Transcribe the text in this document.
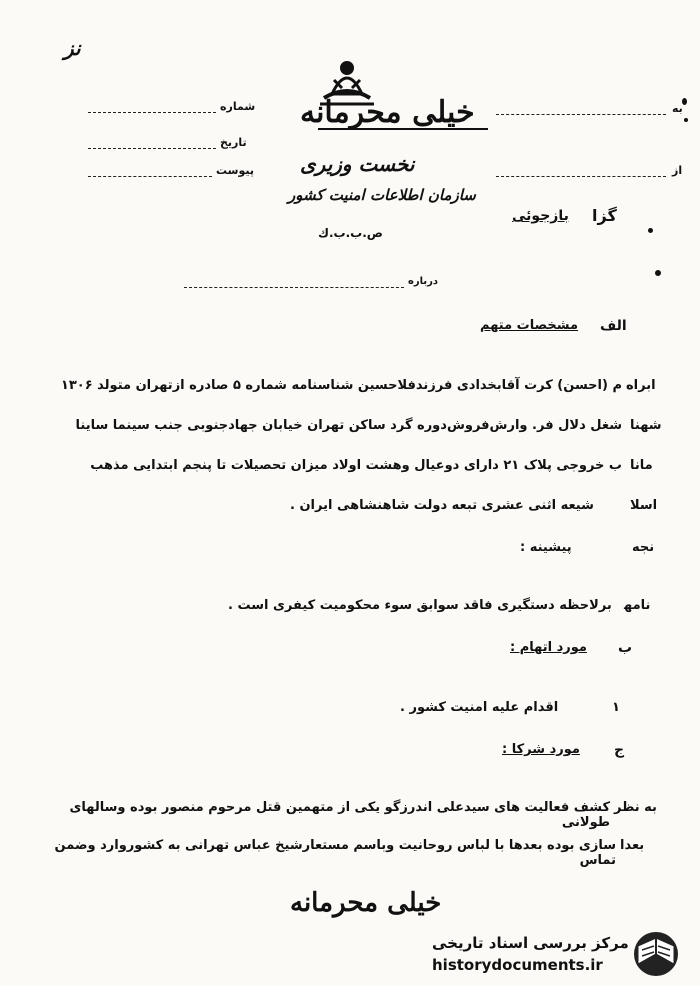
ﻧﺰ
ﺧﯿﻠﯽ ﻣﺤﺮﻣﺎﻧﻪ
ﻧﺨﺴﺖ وزﯾﺮی
ﺳﺎزﻣﺎن اﻃﻼﻋﺎت اﻣﻨﯿﺖ ﮐﺸﻮر
ص.ب.ب.ك
ﺷﻤﺎره
ﺗﺎرﯾﺦ
ﭘﯿﻮﺳﺖ
ﺑﻪ
از
ﮔﺰا
ﺑﺎزﺟﻮﺋﯽ
درﺑﺎره
اﻟﻒ
ﻣﺸﺨﺼﺎت ﻣﺘﻬﻢ
اﺑﺮاه
م (اﺣﺴﻦ) ﮐﺮت آﻗﺎﺑﺨﺪادی ﻓﺮزﻧﺪﻓﻼﺣﺴﯿﻦ ﺷﻨﺎﺳﻨﺎﻣﻪ ﺷﻤﺎره ۵ ﺻﺎدره ازﺗﻬﺮان ﻣﺘﻮﻟﺪ ۱۳۰۶
ﺷﻬﻨﺎ
ﺷﻐﻞ دﻻل ﻓﺮ. وارش‌ﻓﺮوش‌دوره ﮔﺮد ﺳﺎﮐﻦ ﺗﻬﺮان ﺧﯿﺎﺑﺎن ﺟﻬﺎدﺟﻨﻮﺑﯽ ﺟﻨﺐ ﺳﯿﻨﻤﺎ ﺳﺎﯾﻨﺎ
ﻣﺎﻧﺎ
ب ﺧﺮوﺟﯽ ﭘﻼک ۲۱ دارای دوﻋﯿﺎل وﻫﺸﺖ اوﻻد ﻣﯿﺰان ﺗﺤﺼﯿﻼت ﺗﺎ ﭘﻨﺠﻢ اﺑﺘﺪاﯾﯽ ﻣﺬﻫﺐ
اﺳﻼ
ﺷﯿﻌﻪ اﺛﻨﯽ ﻋﺸﺮی ﺗﺒﻌﻪ دوﻟﺖ ﺷﺎﻫﻨﺸﺎﻫﯽ اﯾﺮان .
ﻧﺠﻪ
ﭘﯿﺸﯿﻨﻪ :
ﻧﺎﻣﻬ
ﺑﺮﻻﺣﻈﻪ دﺳﺘﮕﯿﺮی ﻓﺎﻗﺪ ﺳﻮاﺑﻖ ﺳﻮء ﻣﺤﮑﻮﻣﯿﺖ ﮐﯿﻔﺮی اﺳﺖ .
ب
ﻣﻮرد اﺗﻬﺎم :
۱
اﻗﺪام ﻋﻠﯿﻪ اﻣﻨﯿﺖ ﮐﺸﻮر .
ج
ﻣﻮرد ﺷﺮﮐﺎ :
ﺑﻪ ﻧﻈﺮ
ﮐﺸﻒ ﻓﻌﺎﻟﯿﺖ ﻫﺎی ﺳﯿﺪﻋﻠﯽ اﻧﺪرزﮔﻮ ﯾﮑﯽ از ﻣﺘﻬﻤﯿﻦ ﻗﺘﻞ ﻣﺮﺣﻮم ﻣﻨﺼﻮر ﺑﻮده وﺳﺎﻟﻬﺎی ﻃﻮﻻﻧﯽ
ﺑﻌﺪا
ﺳﺎزی ﺑﻮده ﺑﻌﺪﻫﺎ ﺑﺎ ﻟﺒﺎس روﺣﺎﻧﯿﺖ وﺑﺎﺳﻢ ﻣﺴﺘﻌﺎرﺷﯿﺦ ﻋﺒﺎس ﺗﻬﺮاﻧﯽ ﺑﻪ ﮐﺸﻮروارد وﺿﻤﻦ ﺗﻤﺎس
ﺧﯿﻠﯽ ﻣﺤﺮﻣﺎﻧﻪ
ﻣﺮﮐﺰ ﺑﺮرﺳﯽ اﺳﻨﺎد ﺗﺎرﯾﺨﯽ
historydocuments.ir
